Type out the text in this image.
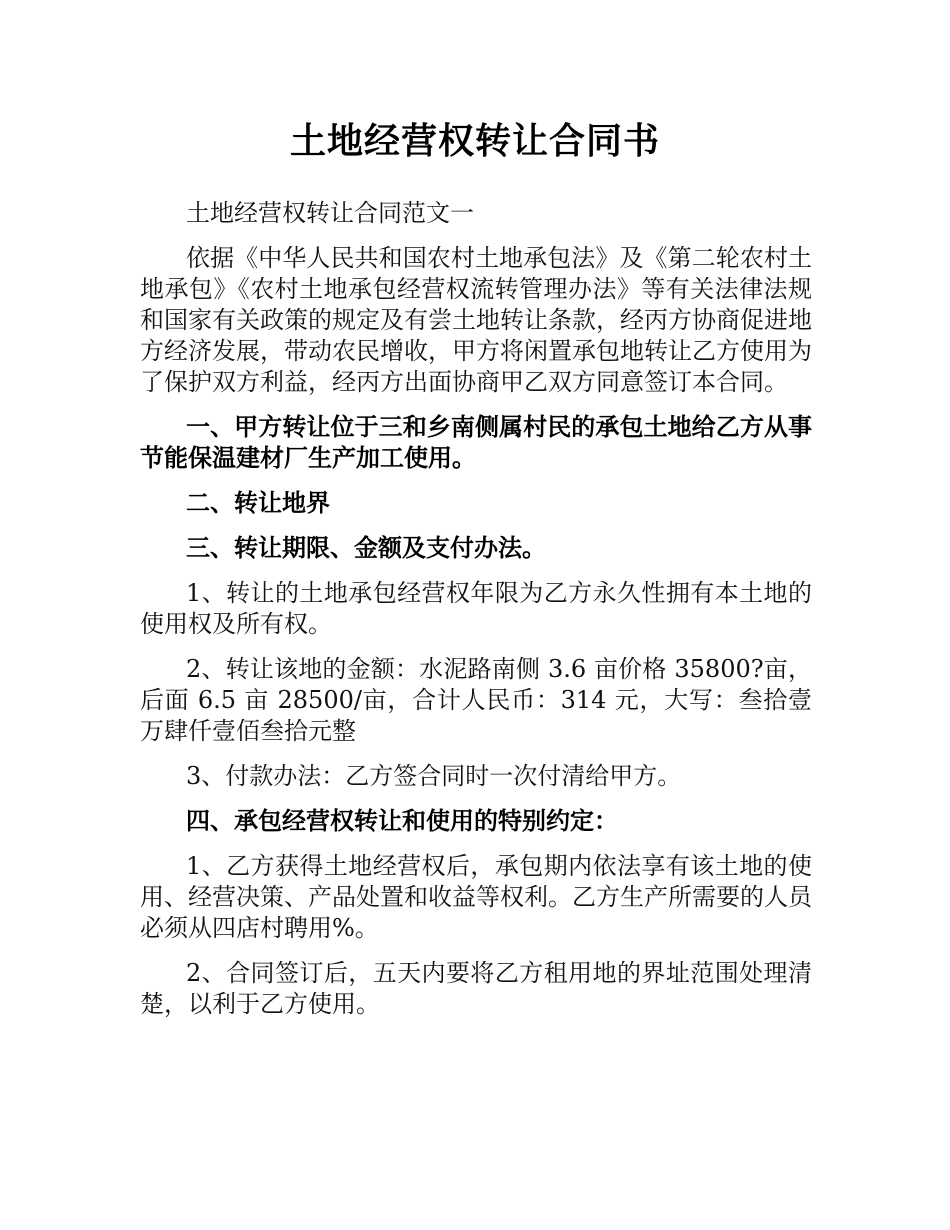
土地经营权转让合同书

土地经营权转让合同范文一

依据《中华人民共和国农村土地承包法》及《第二轮农村土地承包》《农村土地承包经营权流转管理办法》等有关法律法规和国家有关政策的规定及有尝土地转让条款，经丙方协商促进地方经济发展，带动农民增收，甲方将闲置承包地转让乙方使用为了保护双方利益，经丙方出面协商甲乙双方同意签订本合同。

一、甲方转让位于三和乡南侧属村民的承包土地给乙方从事节能保温建材厂生产加工使用。

二、转让地界

三、转让期限、金额及支付办法。

1、转让的土地承包经营权年限为乙方永久性拥有本土地的使用权及所有权。

2、转让该地的金额：水泥路南侧 3.6 亩价格 35800?亩，后面 6.5 亩 28500/亩，合计人民币：314 元，大写：叁拾壹万肆仟壹佰叁拾元整

3、付款办法：乙方签合同时一次付清给甲方。

四、承包经营权转让和使用的特别约定：

1、乙方获得土地经营权后，承包期内依法享有该土地的使用、经营决策、产品处置和收益等权利。乙方生产所需要的人员必须从四店村聘用%。

2、合同签订后，五天内要将乙方租用地的界址范围处理清楚，以利于乙方使用。
